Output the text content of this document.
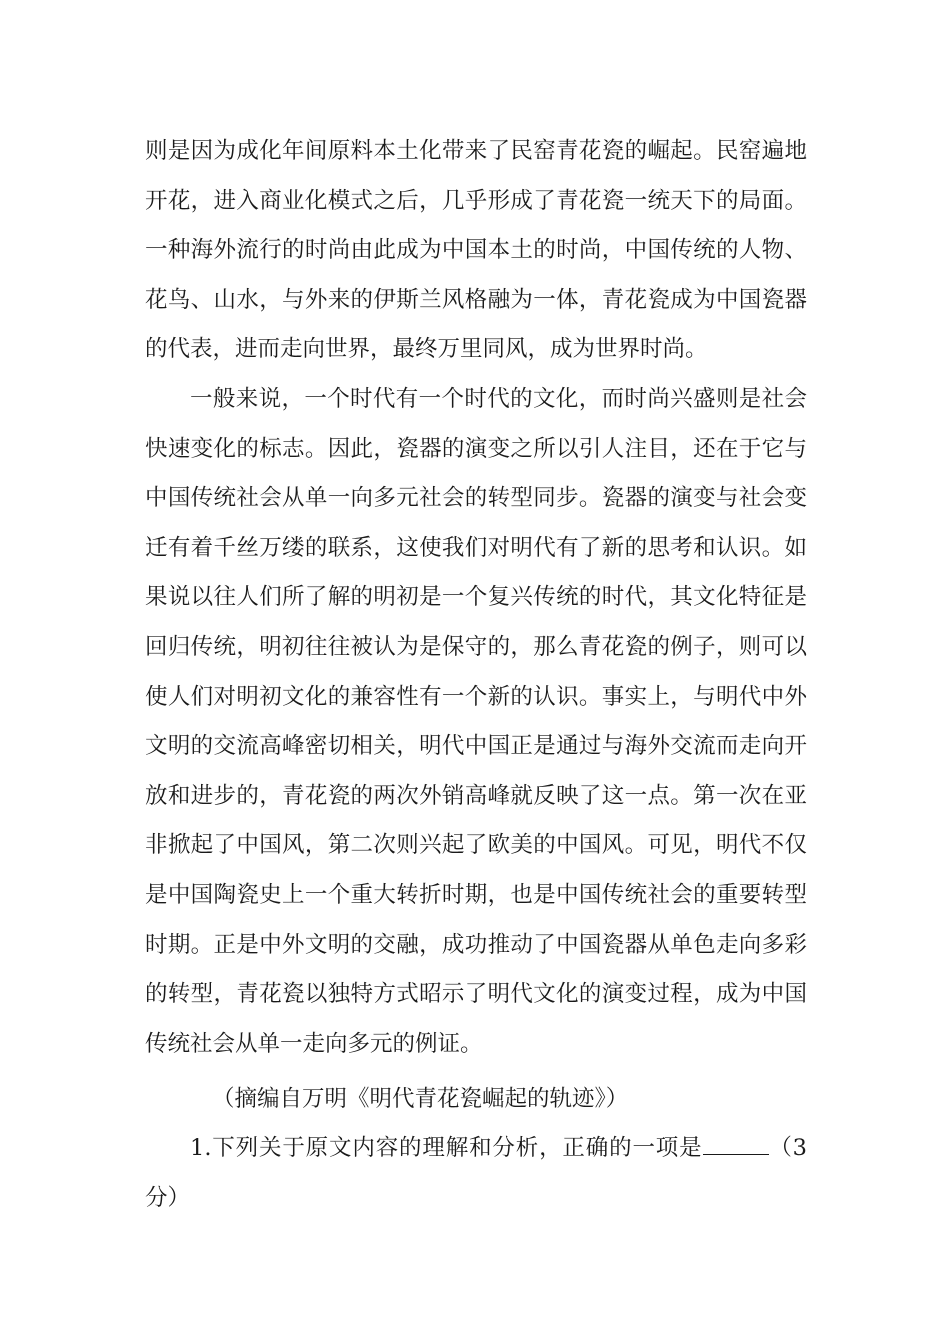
则是因为成化年间原料本土化带来了民窑青花瓷的崛起。民窑遍地开花，进入商业化模式之后，几乎形成了青花瓷一统天下的局面。一种海外流行的时尚由此成为中国本土的时尚，中国传统的人物、花鸟、山水，与外来的伊斯兰风格融为一体，青花瓷成为中国瓷器的代表，进而走向世界，最终万里同风，成为世界时尚。

一般来说，一个时代有一个时代的文化，而时尚兴盛则是社会快速变化的标志。因此，瓷器的演变之所以引人注目，还在于它与中国传统社会从单一向多元社会的转型同步。瓷器的演变与社会变迁有着千丝万缕的联系，这使我们对明代有了新的思考和认识。如果说以往人们所了解的明初是一个复兴传统的时代，其文化特征是回归传统，明初往往被认为是保守的，那么青花瓷的例子，则可以使人们对明初文化的兼容性有一个新的认识。事实上，与明代中外文明的交流高峰密切相关，明代中国正是通过与海外交流而走向开放和进步的，青花瓷的两次外销高峰就反映了这一点。第一次在亚非掀起了中国风，第二次则兴起了欧美的中国风。可见，明代不仅是中国陶瓷史上一个重大转折时期，也是中国传统社会的重要转型时期。正是中外文明的交融，成功推动了中国瓷器从单色走向多彩的转型，青花瓷以独特方式昭示了明代文化的演变过程，成为中国传统社会从单一走向多元的例证。

（摘编自万明《明代青花瓷崛起的轨迹》）

1.下列关于原文内容的理解和分析，正确的一项是	（3分）
